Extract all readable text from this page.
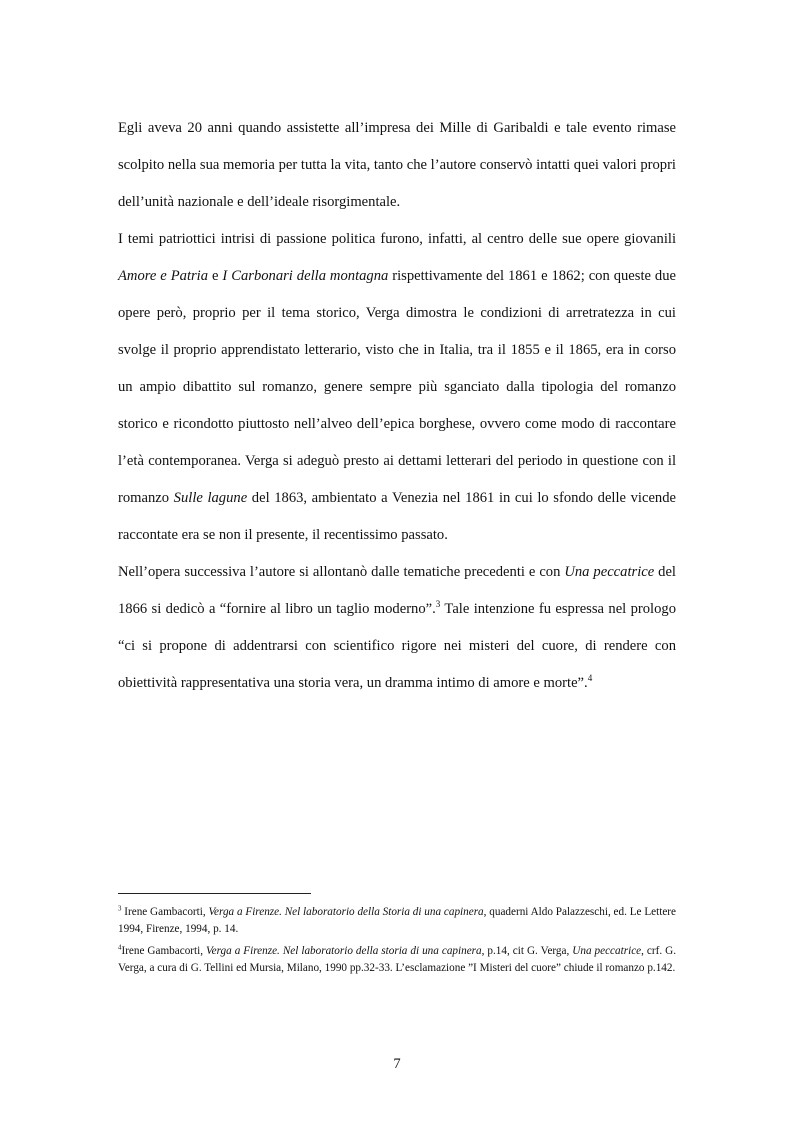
Egli aveva 20 anni quando assistette all’impresa dei Mille di Garibaldi e tale evento rimase scolpito nella sua memoria per tutta la vita, tanto che l’autore conservò intatti quei valori propri dell’unità nazionale e dell’ideale risorgimentale.

I temi patriottici intrisi di passione politica furono, infatti, al centro delle sue opere giovanili Amore e Patria e I Carbonari della montagna rispettivamente del 1861 e 1862; con queste due opere però, proprio per il tema storico, Verga dimostra le condizioni di arretratezza in cui svolge il proprio apprendistato letterario, visto che in Italia, tra il 1855 e il 1865, era in corso un ampio dibattito sul romanzo, genere sempre più sganciato dalla tipologia del romanzo storico e ricondotto piuttosto nell’alveo dell’epica borghese, ovvero come modo di raccontare l’età contemporanea. Verga si adeguò presto ai dettami letterari del periodo in questione con il romanzo Sulle lagune del 1863, ambientato a Venezia nel 1861 in cui lo sfondo delle vicende raccontate era se non il presente, il recentissimo passato.

Nell’opera successiva l’autore si allontanò dalle tematiche precedenti e con Una peccatrice del 1866 si dedicò a “fornire al libro un taglio moderno”.$^3$ Tale intenzione fu espressa nel prologo “ci si propone di addentrarsi con scientifico rigore nei misteri del cuore, di rendere con obiettività rappresentativa una storia vera, un dramma intimo di amore e morte”.$^4$

$^3$ Irene Gambacorti, Verga a Firenze. Nel laboratorio della Storia di una capinera, quaderni Aldo Palazzeschi, ed. Le Lettere 1994, Firenze, 1994, p. 14.

$^4$Irene Gambacorti, Verga a Firenze. Nel laboratorio della storia di una capinera, p.14, cit G. Verga, Una peccatrice, crf. G. Verga, a cura di G. Tellini ed Mursia, Milano, 1990 pp.32-33. L’esclamazione ”I Misteri del cuore” chiude il romanzo p.142.

7
